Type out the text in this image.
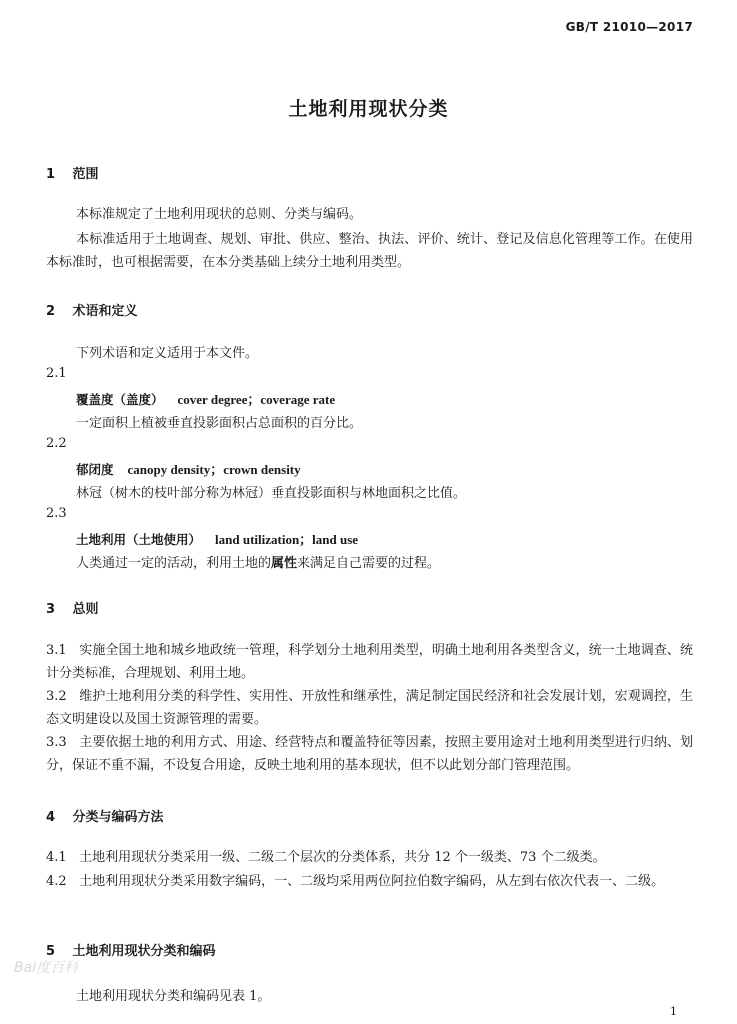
GB/T 21010—2017
土地利用现状分类
1 范围
本标准规定了土地利用现状的总则、分类与编码。
本标准适用于土地调查、规划、审批、供应、整治、执法、评价、统计、登记及信息化管理等工作。在使用本标准时，也可根据需要，在本分类基础上续分土地利用类型。
2 术语和定义
下列术语和定义适用于本文件。
2.1
覆盖度（盖度） cover degree；coverage rate
一定面积上植被垂直投影面积占总面积的百分比。
2.2
郁闭度 canopy density；crown density
林冠（树木的枝叶部分称为林冠）垂直投影面积与林地面积之比值。
2.3
土地利用（土地使用） land utilization；land use
人类通过一定的活动，利用土地的属性来满足自己需要的过程。
3 总则
3.1 实施全国土地和城乡地政统一管理，科学划分土地利用类型，明确土地利用各类型含义，统一土地调查、统计分类标准，合理规划、利用土地。
3.2 维护土地利用分类的科学性、实用性、开放性和继承性，满足制定国民经济和社会发展计划，宏观调控，生态文明建设以及国土资源管理的需要。
3.3 主要依据土地的利用方式、用途、经营特点和覆盖特征等因素，按照主要用途对土地利用类型进行归纳、划分，保证不重不漏，不设复合用途，反映土地利用的基本现状，但不以此划分部门管理范围。
4 分类与编码方法
4.1 土地利用现状分类采用一级、二级二个层次的分类体系，共分 12 个一级类、73 个二级类。
4.2 土地利用现状分类采用数字编码，一、二级均采用两位阿拉伯数字编码，从左到右依次代表一、二级。
5 土地利用现状分类和编码
Bai度百科
土地利用现状分类和编码见表 1。
1
